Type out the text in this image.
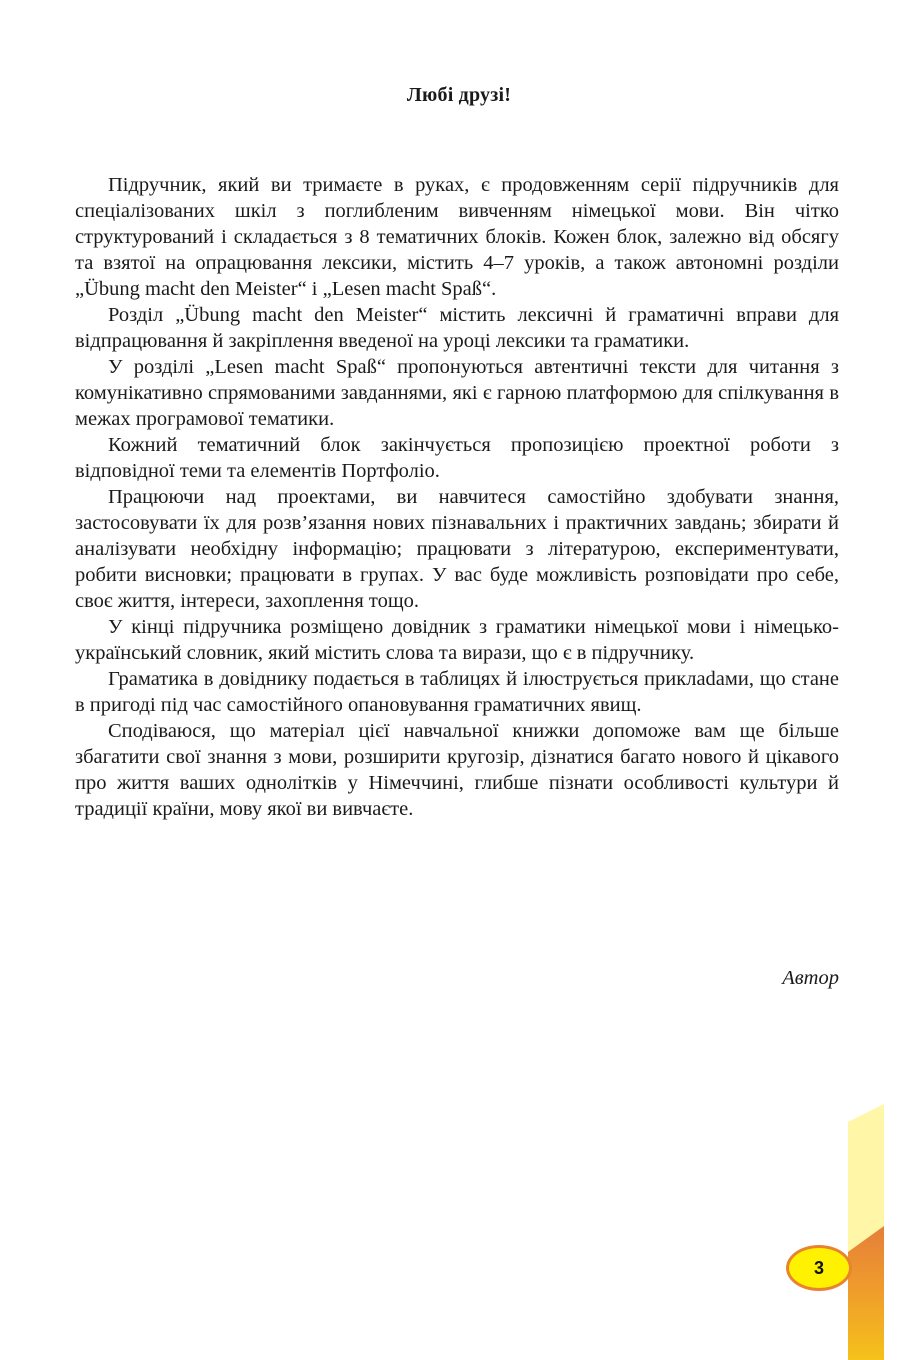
Любі друзі!

Підручник, який ви тримаєте в руках, є продовженням серії підручників для спеціалізованих шкіл з поглибленим вивченням німецької мови. Він чітко структурований і складається з 8 тематичних блоків. Кожен блок, залежно від обсягу та взятої на опрацювання лексики, містить 4–7 уроків, а також автономні розділи „Übung macht den Meister“ і „Lesen macht Spaß“.

Розділ „Übung macht den Meister“ містить лексичні й граматичні вправи для відпрацювання й закріплення введеної на уроці лексики та граматики.

У розділі „Lesen macht Spaß“ пропонуються автентичні тексти для читання з комунікативно спрямованими завданнями, які є гарною платформою для спілкування в межах програмової тематики.

Кожний тематичний блок закінчується пропозицією проектної роботи з відповідної теми та елементів Портфоліо.

Працюючи над проектами, ви навчитеся самостійно здобувати знання, застосовувати їх для розв’язання нових пізнавальних і практичних завдань; збирати й аналізувати необхідну інформацію; працювати з літературою, експериментувати, робити висновки; працювати в групах. У вас буде можливість розповідати про себе, своє життя, інтереси, захоплення тощо.

У кінці підручника розміщено довідник з граматики німецької мови і німецько-український словник, який містить слова та вирази, що є в підручнику.

Граматика в довіднику подається в таблицях й ілюструється приклаdами, що стане в пригоді під час самостійного опановування граматичних явищ.

Сподіваюся, що матеріал цієї навчальної книжки допоможе вам ще більше збагатити свої знання з мови, розширити кругозір, дізнатися багато нового й цікавого про життя ваших однолітків у Німеччині, глибше пізнати особливості культури й традиції країни, мову якої ви вивчаєте.

Автор
3
